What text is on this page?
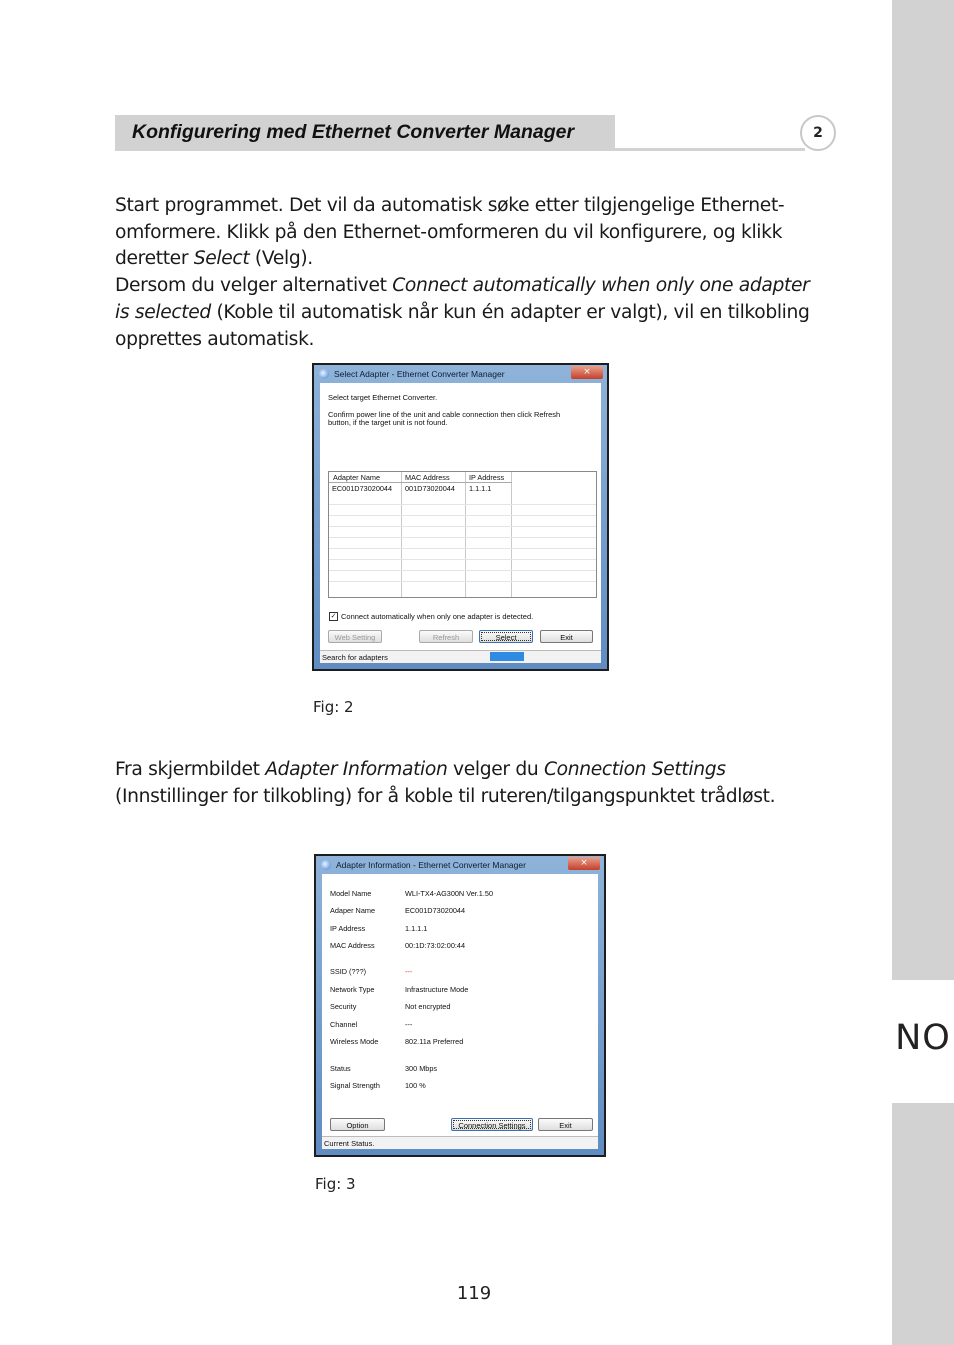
NO
Konfigurering med Ethernet Converter Manager	2
Start programmet. Det vil da automatisk søke etter tilgjengelige Ethernet-
omformere. Klikk på den Ethernet-omformeren du vil konfigurere, og klikk
deretter Select (Velg).
Dersom du velger alternativet Connect automatically when only one adapter
is selected (Koble til automatisk når kun én adapter er valgt), vil en tilkobling
opprettes automatisk.
Select Adapter - Ethernet Converter Manager	×
Select target Ethernet Converter.
Confirm power line of the unit and cable connection then click Refresh
button, if the target unit is not found.
Adapter Name	MAC Address	IP Address
EC001D73020044 001D73020044 1.1.1.1
✓ Connect automatically when only one adapter is detected.
Web Setting	Refresh	Select	Exit
Search for adapters
Fig: 2
Fra skjermbildet Adapter Information velger du Connection Settings
(Innstillinger for tilkobling) for å koble til ruteren/tilgangspunktet trådløst.
Adapter Information - Ethernet Converter Manager	×
Model Name	WLI-TX4-AG300N Ver.1.50
Adaper Name	EC001D73020044
IP Address	1.1.1.1
MAC Address	00:1D:73:02:00:44
SSID (???)	---
Network Type	Infrastructure Mode
Security	Not encrypted
Channel	---
Wireless Mode	802.11a Preferred
Status	300 Mbps
Signal Strength	100 %
Option	Connection Settings	Exit
Current Status.
Fig: 3
119
